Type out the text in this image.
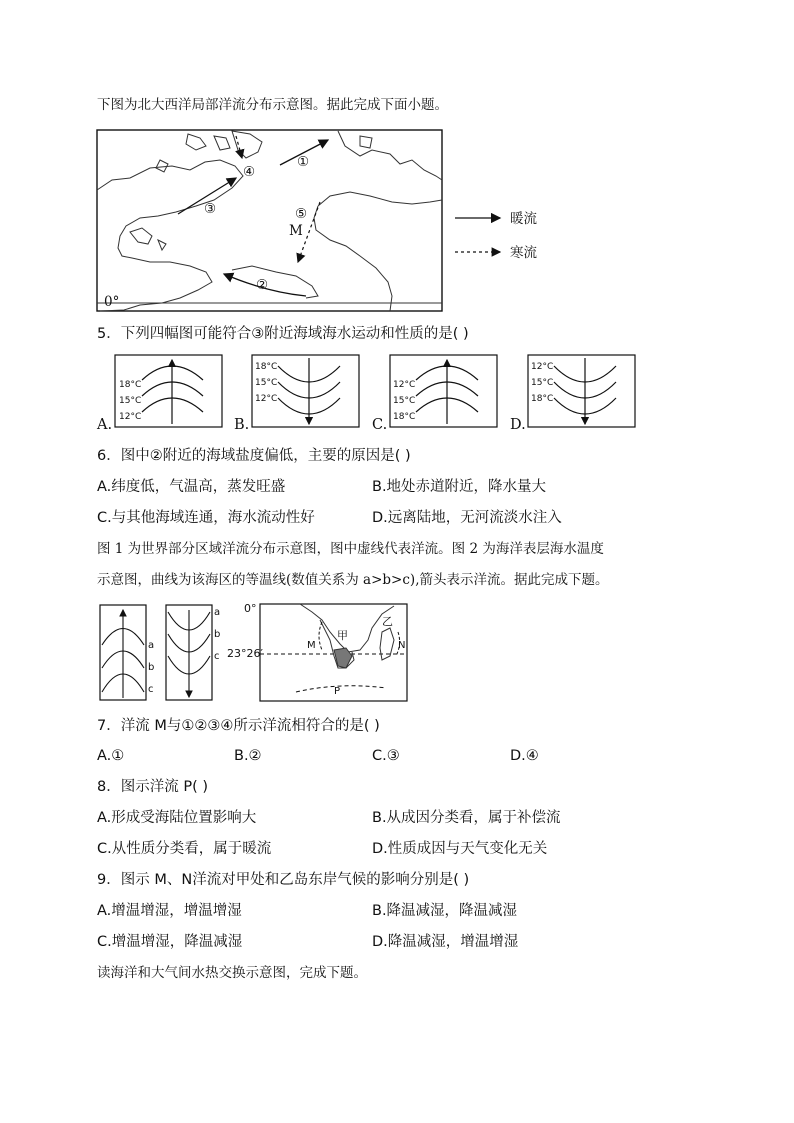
下图为北大西洋局部洋流分布示意图。据此完成下面小题。
①
②
③
④
⑤
M
0°
暖流
寒流
5．下列四幅图可能符合③附近海域海水运动和性质的是( )
18°C
15°C
12°C
18°C
15°C
12°C
12°C
15°C
18°C
12°C
15°C
18°C
A.	B.	C.	D.
6．图中②附近的海域盐度偏低，主要的原因是( )
A.纬度低，气温高，蒸发旺盛	B.地处赤道附近，降水量大
C.与其他海域连通，海水流动性好	D.远离陆地，无河流淡水注入
图 1 为世界部分区域洋流分布示意图，图中虚线代表洋流。图 2 为海洋表层海水温度
示意图，曲线为该海区的等温线(数值关系为 a>b>c),箭头表示洋流。据此完成下题。
a
b
c
a
b
c
0°
23°26′
甲
乙
M	N
P
7．洋流 M与①②③④所示洋流相符合的是( )
A.①	B.②	C.③	D.④
8．图示洋流 P( )
A.形成受海陆位置影响大	B.从成因分类看，属于补偿流
C.从性质分类看，属于暖流	D.性质成因与天气变化无关
9．图示 M、N洋流对甲处和乙岛东岸气候的影响分别是( )
A.增温增湿，增温增湿	B.降温减湿，降温减湿
C.增温增湿，降温减湿	D.降温减湿，增温增湿
读海洋和大气间水热交换示意图，完成下题。
